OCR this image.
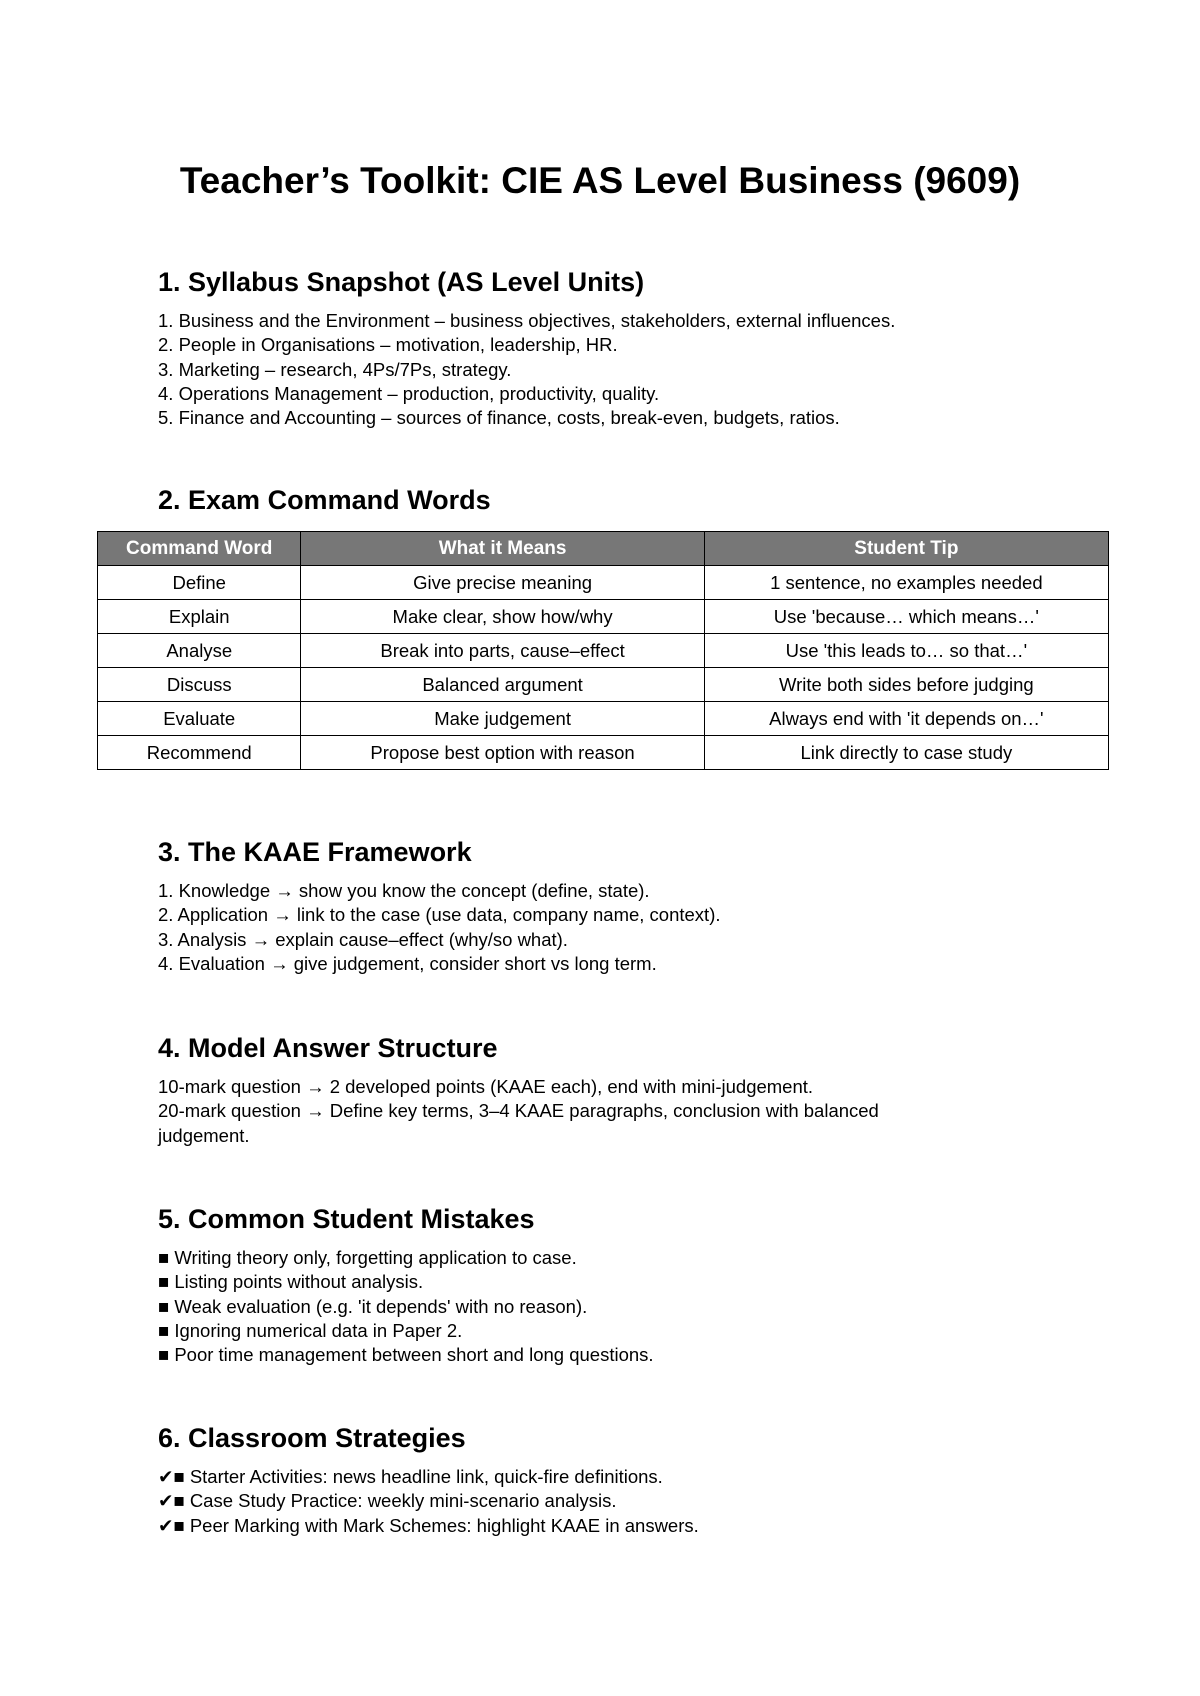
Teacher’s Toolkit: CIE AS Level Business (9609)
1. Syllabus Snapshot (AS Level Units)
1. Business and the Environment – business objectives, stakeholders, external influences.
2. People in Organisations – motivation, leadership, HR.
3. Marketing – research, 4Ps/7Ps, strategy.
4. Operations Management – production, productivity, quality.
5. Finance and Accounting – sources of finance, costs, break-even, budgets, ratios.
2. Exam Command Words
Command Word	What it Means	Student Tip
Define	Give precise meaning	1 sentence, no examples needed
Explain	Make clear, show how/why	Use 'because… which means…'
Analyse	Break into parts, cause–effect	Use 'this leads to… so that…'
Discuss	Balanced argument	Write both sides before judging
Evaluate	Make judgement	Always end with 'it depends on…'
Recommend	Propose best option with reason	Link directly to case study
3. The KAAE Framework
1. Knowledge → show you know the concept (define, state).
2. Application → link to the case (use data, company name, context).
3. Analysis → explain cause–effect (why/so what).
4. Evaluation → give judgement, consider short vs long term.
4. Model Answer Structure

10-mark question → 2 developed points (KAAE each), end with mini-judgement.

20-mark question → Define key terms, 3–4 KAAE paragraphs, conclusion with balanced judgement.

5. Common Student Mistakes
■ Writing theory only, forgetting application to case.
■ Listing points without analysis.
■ Weak evaluation (e.g. 'it depends' with no reason).
■ Ignoring numerical data in Paper 2.
■ Poor time management between short and long questions.
6. Classroom Strategies
✔■ Starter Activities: news headline link, quick-fire definitions.
✔■ Case Study Practice: weekly mini-scenario analysis.
✔■ Peer Marking with Mark Schemes: highlight KAAE in answers.
